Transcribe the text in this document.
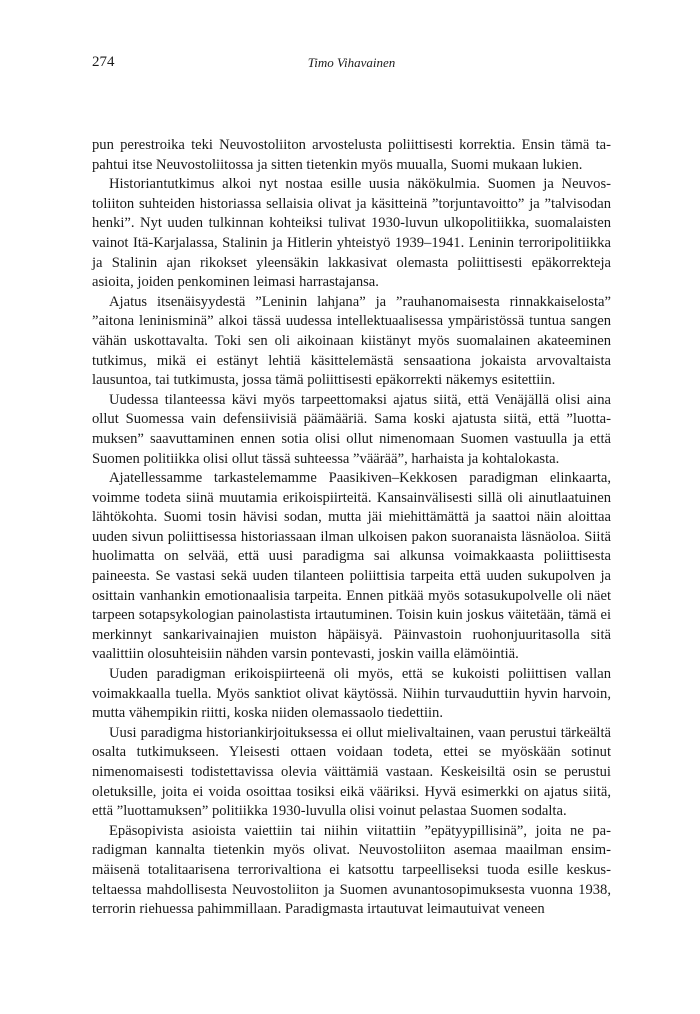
274	Timo Vihavainen

pun perestroika teki Neuvostoliiton arvostelusta poliittisesti korrektia. Ensin tämä tapahtui itse Neuvostoliitossa ja sitten tietenkin myös muualla, Suomi mukaan lukien.

Historiantutkimus alkoi nyt nostaa esille uusia näkökulmia. Suomen ja Neuvostoliiton suhteiden historiassa sellaisia olivat ja käsitteinä ”torjuntavoitto” ja ”talvisodan henki”. Nyt uuden tulkinnan kohteiksi tulivat 1930-luvun ulkopolitiikka, suomalaisten vainot Itä-Karjalassa, Stalinin ja Hitlerin yhteistyö 1939–1941. Leninin terroripolitiikka ja Stalinin ajan rikokset yleensäkin lakkasivat olemasta poliittisesti epäkorrekteja asioita, joiden penkominen leimasi harrastajansa.

Ajatus itsenäisyydestä ”Leninin lahjana” ja ”rauhanomaisesta rinnakkaiselosta” ”aitona leninisminä” alkoi tässä uudessa intellektuaalisessa ympäristössä tuntua sangen vähän uskottavalta. Toki sen oli aikoinaan kiistänyt myös suomalainen akateeminen tutkimus, mikä ei estänyt lehtiä käsittelemästä sensaationa jokaista arvovaltaista lausuntoa, tai tutkimusta, jossa tämä poliittisesti epäkorrekti näkemys esitettiin.

Uudessa tilanteessa kävi myös tarpeettomaksi ajatus siitä, että Venäjällä olisi aina ollut Suomessa vain defensiivisiä päämääriä. Sama koski ajatusta siitä, että ”luottamuksen” saavuttaminen ennen sotia olisi ollut nimenomaan Suomen vastuulla ja että Suomen politiikka olisi ollut tässä suhteessa ”väärää”, harhaista ja kohtalokasta.

Ajatellessamme tarkastelemamme Paasikiven–Kekkosen paradigman elinkaarta, voimme todeta siinä muutamia erikoispiirteitä. Kansainvälisesti sillä oli ainutlaatuinen lähtökohta. Suomi tosin hävisi sodan, mutta jäi miehittämättä ja saattoi näin aloittaa uuden sivun poliittisessa historiassaan ilman ulkoisen pakon suoranaista läsnäoloa. Siitä huolimatta on selvää, että uusi paradigma sai alkunsa voimakkaasta poliittisesta paineesta. Se vastasi sekä uuden tilanteen poliittisia tarpeita että uuden sukupolven ja osittain vanhankin emotionaalisia tarpeita. Ennen pitkää myös sotasukupolvelle oli näet tarpeen sotapsykologian painolastista irtautuminen. Toisin kuin joskus väitetään, tämä ei merkinnyt sankarivainajien muiston häpäisyä. Päinvastoin ruohonjuuritasolla sitä vaalittiin olosuhteisiin nähden varsin pontevasti, joskin vailla elämöintiä.

Uuden paradigman erikoispiirteenä oli myös, että se kukoisti poliittisen vallan voimakkaalla tuella. Myös sanktiot olivat käytössä. Niihin turvauduttiin hyvin harvoin, mutta vähempikin riitti, koska niiden olemassaolo tiedettiin.

Uusi paradigma historiankirjoituksessa ei ollut mielivaltainen, vaan perustui tärkeältä osalta tutkimukseen. Yleisesti ottaen voidaan todeta, ettei se myöskään sotinut nimenomaisesti todistettavissa olevia väittämiä vastaan. Keskeisiltä osin se perustui oletuksille, joita ei voida osoittaa tosiksi eikä vääriksi. Hyvä esimerkki on ajatus siitä, että ”luottamuksen” politiikka 1930-luvulla olisi voinut pelastaa Suomen sodalta.

Epäsopivista asioista vaiettiin tai niihin viitattiin ”epätyypillisinä”, joita ne paradigman kannalta tietenkin myös olivat. Neuvostoliiton asemaa maailman ensimmäisenä totalitaarisena terrorivaltiona ei katsottu tarpeelliseksi tuoda esille keskusteltaessa mahdollisesta Neuvostoliiton ja Suomen avunantosopimuksesta vuonna 1938, terrorin riehuessa pahimmillaan. Paradigmasta irtautuvat leimautuivat veneen
